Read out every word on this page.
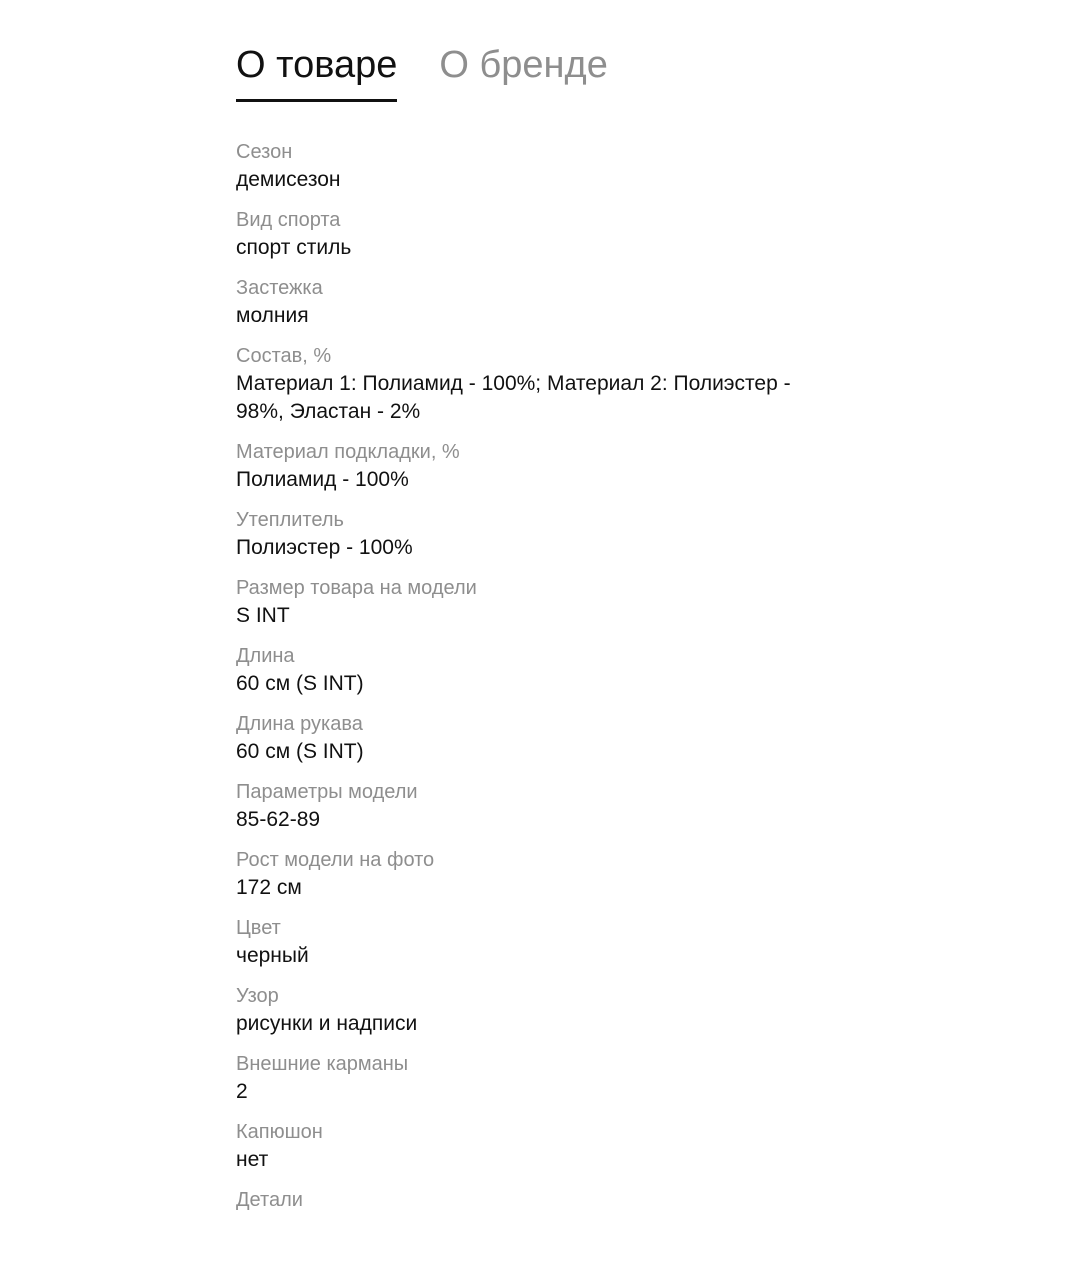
О товаре О бренде
Сезон
демисезон
Вид спорта
спорт стиль
Застежка
молния
Состав, %
Материал 1: Полиамид - 100%; Материал 2: Полиэстер - 98%, Эластан - 2%
Материал подкладки, %
Полиамид - 100%
Утеплитель
Полиэстер - 100%
Размер товара на модели
S INT
Длина
60 см (S INT)
Длина рукава
60 см (S INT)
Параметры модели
85-62-89
Рост модели на фото
172 см
Цвет
черный
Узор
рисунки и надписи
Внешние карманы
2
Капюшон
нет
Детали
